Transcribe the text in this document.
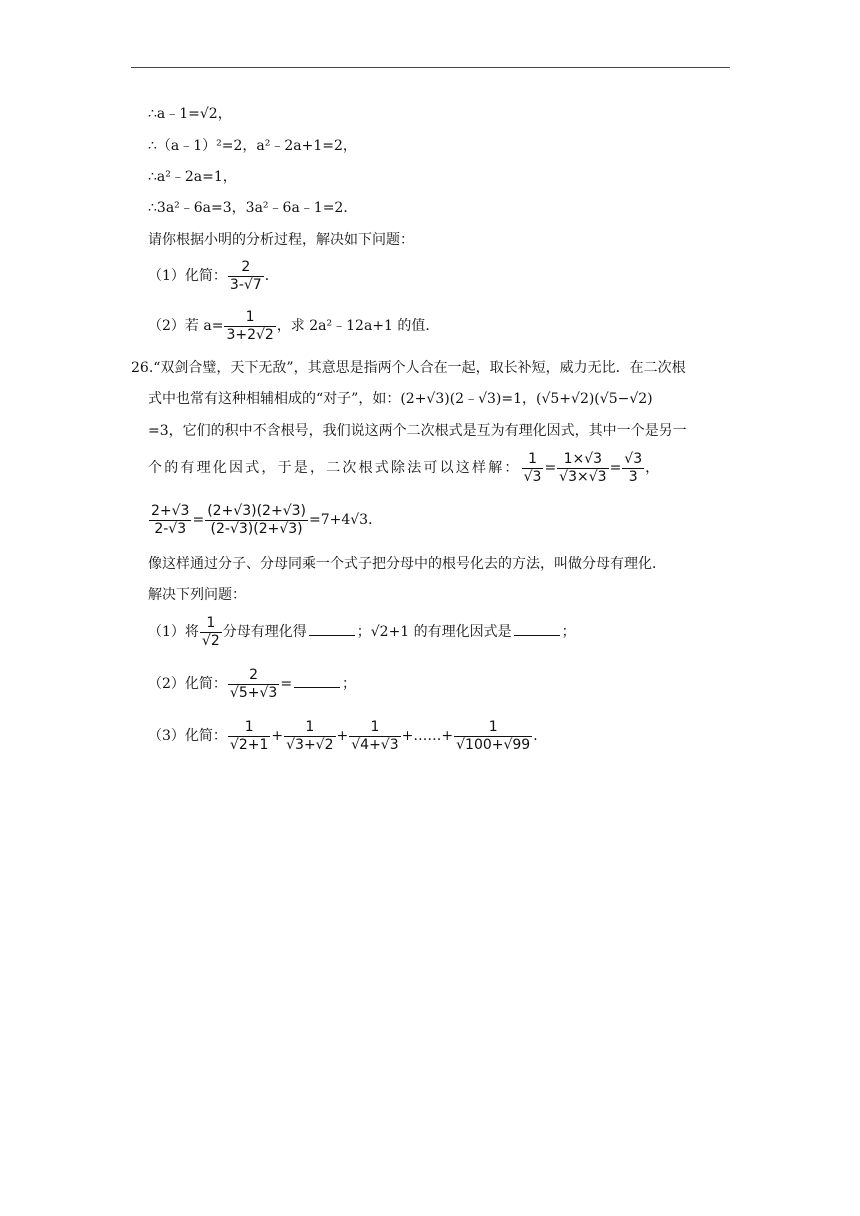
∴a﹣1=√2，
∴（a﹣1）²=2，a²﹣2a+1=2，
∴a²﹣2a=1，
∴3a²﹣6a=3，3a²﹣6a﹣1=2．
请你根据小明的分析过程，解决如下问题：
（1）化简： $\frac{2}{3-√7}$ ．
（2）若 $a= \frac{1}{3+2√2}$ ，求 2a²﹣12a+1 的值．
26.“双剑合璧，天下无敌”，其意思是指两个人合在一起，取长补短，威力无比．在二次根
式中也常有这种相辅相成的“对子”，如：(2+√3)(2﹣√3)=1，(√5+√2)(√5−√2)
=3，它们的积中不含根号，我们说这两个二次根式是互为有理化因式，其中一个是另一
个的有理化因式，于是，二次根式除法可以这样解： $\frac{1}{√3} = \frac{1\times√3}{√3\times√3} = \frac{√3}{3}$ ，
$\frac{2+√3}{2-√3} = \frac{(2+√3)(2+√3)}{(2-√3)(2+√3)} =7+4√3$．
像这样通过分子、分母同乘一个式子把分母中的根号化去的方法，叫做分母有理化．
解决下列问题：
（1）将 $\frac{1}{√2}$ 分母有理化得	；√2+1 的有理化因式是	；
（2）化简： $\frac{2}{√5+√3}$ =	；
（3）化简： $\frac{1}{√2+1} + \frac{1}{√3+√2} + \frac{1}{√4+√3}$ +……+ $\frac{1}{√100+√99}$ ．
